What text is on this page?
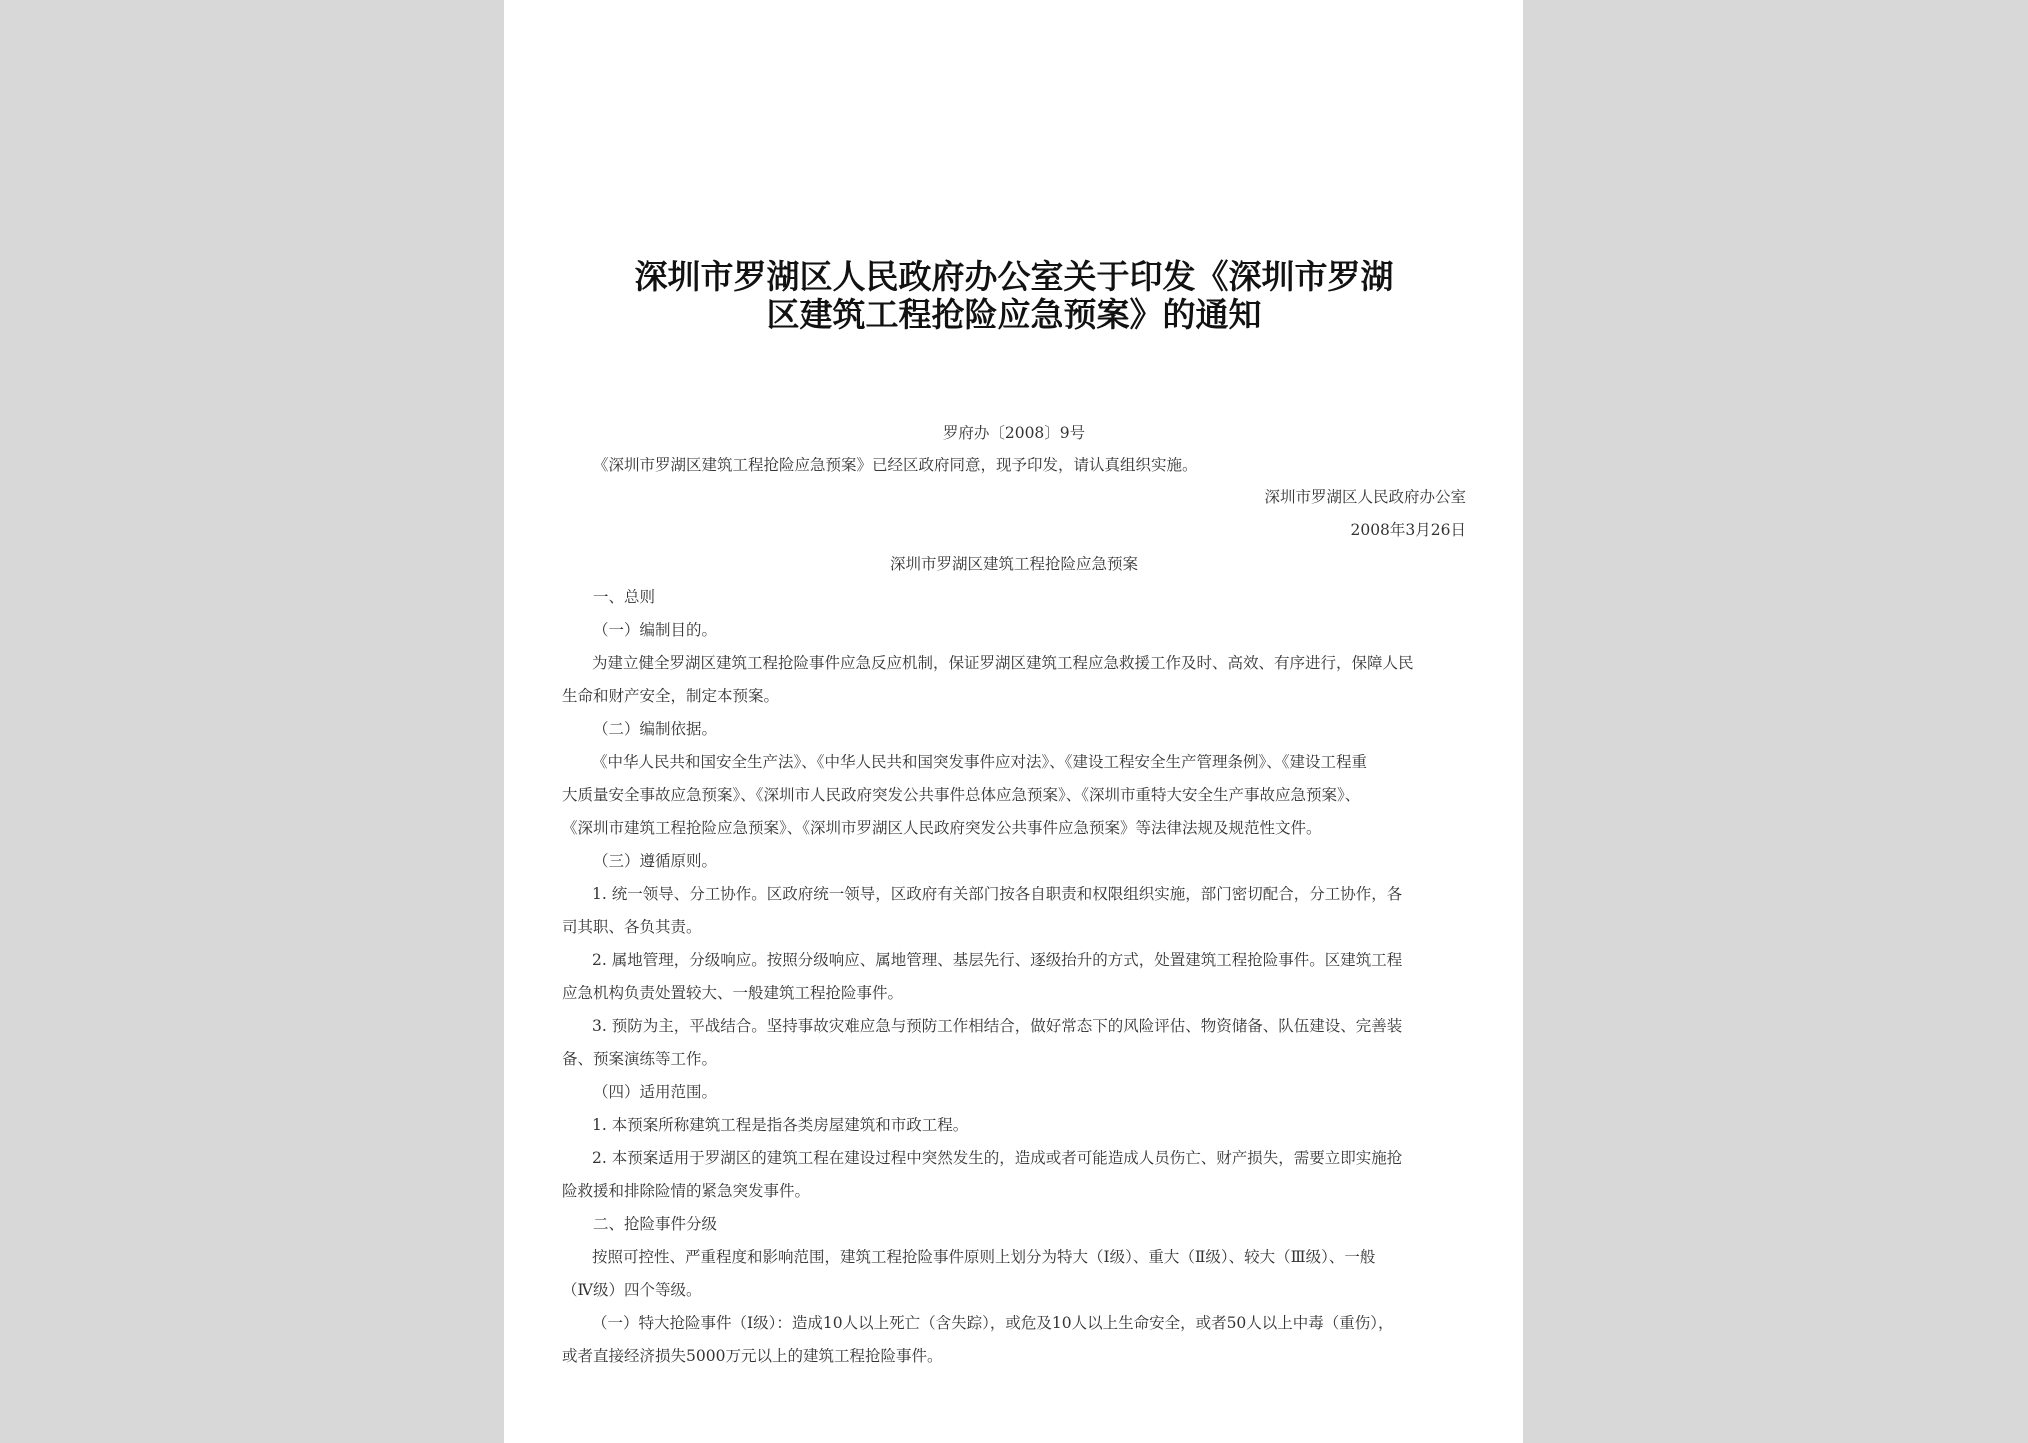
深圳市罗湖区人民政府办公室关于印发《深圳市罗湖
区建筑工程抢险应急预案》的通知
罗府办〔2008〕9号
《深圳市罗湖区建筑工程抢险应急预案》已经区政府同意，现予印发，请认真组织实施。
深圳市罗湖区人民政府办公室
2008年3月26日
深圳市罗湖区建筑工程抢险应急预案
一、总则
（一）编制目的。
为建立健全罗湖区建筑工程抢险事件应急反应机制，保证罗湖区建筑工程应急救援工作及时、高效、有序进行，保障人民
生命和财产安全，制定本预案。
（二）编制依据。
《中华人民共和国安全生产法》、《中华人民共和国突发事件应对法》、《建设工程安全生产管理条例》、《建设工程重
大质量安全事故应急预案》、《深圳市人民政府突发公共事件总体应急预案》、《深圳市重特大安全生产事故应急预案》、
《深圳市建筑工程抢险应急预案》、《深圳市罗湖区人民政府突发公共事件应急预案》等法律法规及规范性文件。
（三）遵循原则。
1. 统一领导、分工协作。区政府统一领导，区政府有关部门按各自职责和权限组织实施，部门密切配合，分工协作，各
司其职、各负其责。
2. 属地管理，分级响应。按照分级响应、属地管理、基层先行、逐级抬升的方式，处置建筑工程抢险事件。区建筑工程
应急机构负责处置较大、一般建筑工程抢险事件。
3. 预防为主，平战结合。坚持事故灾难应急与预防工作相结合，做好常态下的风险评估、物资储备、队伍建设、完善装
备、预案演练等工作。
（四）适用范围。
1. 本预案所称建筑工程是指各类房屋建筑和市政工程。
2. 本预案适用于罗湖区的建筑工程在建设过程中突然发生的，造成或者可能造成人员伤亡、财产损失，需要立即实施抢
险救援和排除险情的紧急突发事件。
二、抢险事件分级
按照可控性、严重程度和影响范围，建筑工程抢险事件原则上划分为特大（Ⅰ级）、重大（Ⅱ级）、较大（Ⅲ级）、一般
（Ⅳ级）四个等级。
（一）特大抢险事件（Ⅰ级）：造成10人以上死亡（含失踪），或危及10人以上生命安全，或者50人以上中毒（重伤），
或者直接经济损失5000万元以上的建筑工程抢险事件。
